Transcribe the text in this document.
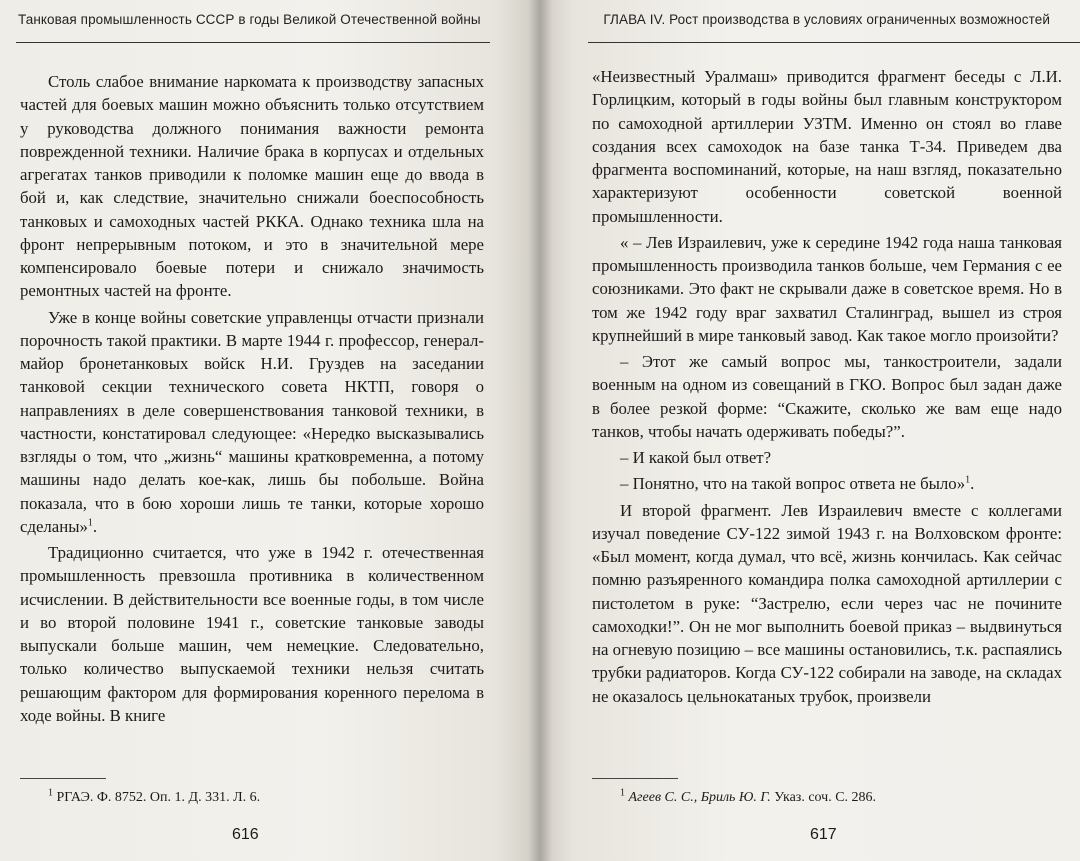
Танковая промышленность СССР в годы Великой Отечественной войны

Столь слабое внимание наркомата к производству запасных частей для боевых машин можно объяснить только отсутствием у руководства должного понимания важности ремонта поврежденной техники. Наличие брака в корпусах и отдельных агрегатах танков приводили к поломке машин еще до ввода в бой и, как следствие, значительно снижали боеспособность танковых и самоходных частей РККА. Однако техника шла на фронт непрерывным потоком, и это в значительной мере компенсировало боевые потери и снижало значимость ремонтных частей на фронте.

Уже в конце войны советские управленцы отчасти признали порочность такой практики. В марте 1944 г. профессор, генерал-майор бронетанковых войск Н.И. Груздев на заседании танковой секции технического совета НКТП, говоря о направлениях в деле совершенствования танковой техники, в частности, констатировал следующее: «Нередко высказывались взгляды о том, что „жизнь“ машины кратковременна, а потому машины надо делать кое-как, лишь бы побольше. Война показала, что в бою хороши лишь те танки, которые хорошо сделаны»$^1$.

Традиционно считается, что уже в 1942 г. отечественная промышленность превзошла противника в количественном исчислении. В действительности все военные годы, в том числе и во второй половине 1941 г., советские танковые заводы выпускали больше машин, чем немецкие. Следовательно, только количество выпускаемой техники нельзя считать решающим фактором для формирования коренного перелома в ходе войны. В книге

$^1$ РГАЭ. Ф. 8752. Оп. 1. Д. 331. Л. 6.
616
ГЛАВА IV. Рост производства в условиях ограниченных возможностей

«Неизвестный Уралмаш» приводится фрагмент беседы с Л.И. Горлицким, который в годы войны был главным конструктором по самоходной артиллерии УЗТМ. Именно он стоял во главе создания всех самоходок на базе танка Т-34. Приведем два фрагмента воспоминаний, которые, на наш взгляд, показательно характеризуют особенности советской военной промышленности.

« – Лев Израилевич, уже к середине 1942 года наша танковая промышленность производила танков больше, чем Германия с ее союзниками. Это факт не скрывали даже в советское время. Но в том же 1942 году враг захватил Сталинград, вышел из строя крупнейший в мире танковый завод. Как такое могло произойти?

– Этот же самый вопрос мы, танкостроители, задали военным на одном из совещаний в ГКО. Вопрос был задан даже в более резкой форме: “Скажите, сколько же вам еще надо танков, чтобы начать одерживать победы?”.

– И какой был ответ?

– Понятно, что на такой вопрос ответа не было»$^1$.

И второй фрагмент. Лев Израилевич вместе с коллегами изучал поведение СУ-122 зимой 1943 г. на Волховском фронте: «Был момент, когда думал, что всё, жизнь кончилась. Как сейчас помню разъяренного командира полка самоходной артиллерии с пистолетом в руке: “Застрелю, если через час не почините самоходки!”. Он не мог выполнить боевой приказ – выдвинуться на огневую позицию – все машины остановились, т.к. распаялись трубки радиаторов. Когда СУ-122 собирали на заводе, на складах не оказалось цельнокатаных трубок, произвели

$^1$ Агеев С. С., Бриль Ю. Г. Указ. соч. С. 286.
617
